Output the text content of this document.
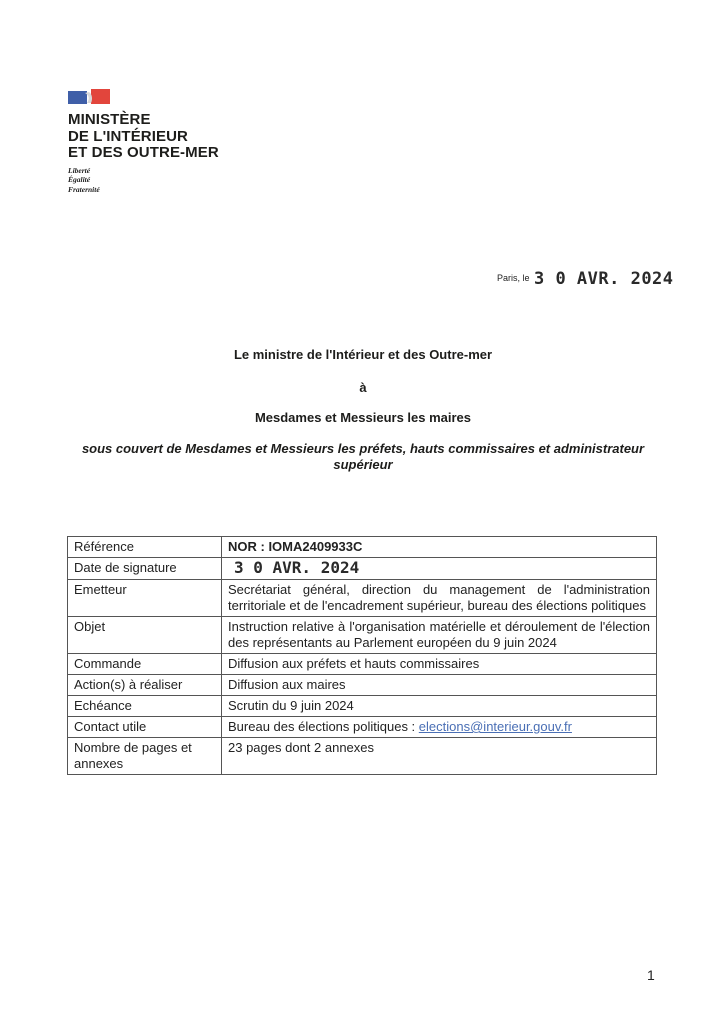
MINISTÈRE
DE L'INTÉRIEUR
ET DES OUTRE-MER
Liberté
Égalité
Fraternité
Paris, le 3 0 AVR. 2024
Le ministre de l'Intérieur et des Outre-mer
à
Mesdames et Messieurs les maires
sous couvert de Mesdames et Messieurs les préfets, hauts commissaires et administrateur supérieur
Référence	NOR : IOMA2409933C
Date de signature	3 0 AVR. 2024
Emetteur	Secrétariat général, direction du management de l'administration territoriale et de l'encadrement supérieur, bureau des élections politiques
Objet	Instruction relative à l'organisation matérielle et déroulement de l'élection des représentants au Parlement européen du 9 juin 2024
Commande	Diffusion aux préfets et hauts commissaires
Action(s) à réaliser	Diffusion aux maires
Echéance	Scrutin du 9 juin 2024
Contact utile	Bureau des élections politiques : elections@interieur.gouv.fr
Nombre de pages et annexes	23 pages dont 2 annexes
1
